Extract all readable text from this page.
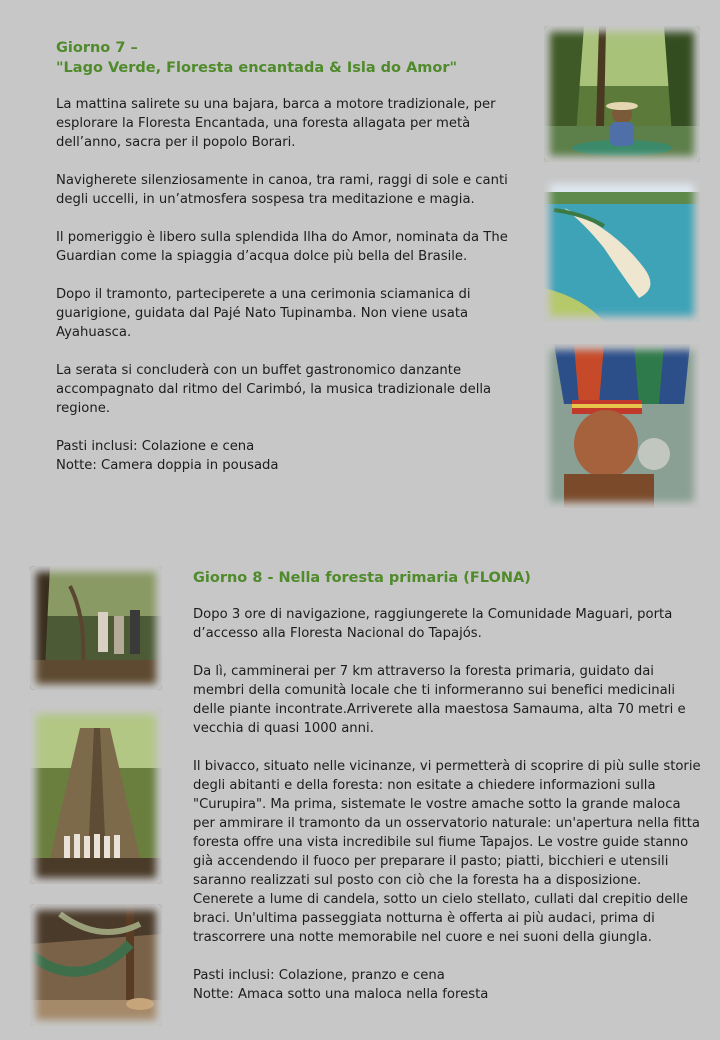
Giorno 7 –
"Lago Verde, Floresta encantada & Isla do Amor"

La mattina salirete su una bajara, barca a motore tradizionale, per esplorare la Floresta Encantada, una foresta allagata per metà dell’anno, sacra per il popolo Borari.

Navigherete silenziosamente in canoa, tra rami, raggi di sole e canti degli uccelli, in un’atmosfera sospesa tra meditazione e magia.

Il pomeriggio è libero sulla splendida Ilha do Amor, nominata da The Guardian come la spiaggia d’acqua dolce più bella del Brasile.

Dopo il tramonto, parteciperete a una cerimonia sciamanica di guarigione, guidata dal Pajé Nato Tupinamba. Non viene usata Ayahuasca.

La serata si concluderà con un buffet gastronomico danzante accompagnato dal ritmo del Carimbó, la musica tradizionale della regione.

Pasti inclusi: Colazione e cena

Notte: Camera doppia in pousada

Giorno 8 - Nella foresta primaria (FLONA)

Dopo 3 ore di navigazione, raggiungerete la Comunidade Maguari, porta d’accesso alla Floresta Nacional do Tapajós.

Da lì, camminerai per 7 km attraverso la foresta primaria, guidato dai membri della comunità locale che ti informeranno sui benefici medicinali delle piante incontrate.Arriverete alla maestosa Samauma, alta 70 metri e vecchia di quasi 1000 anni.

Il bivacco, situato nelle vicinanze, vi permetterà di scoprire di più sulle storie degli abitanti e della foresta: non esitate a chiedere informazioni sulla "Curupira". Ma prima, sistemate le vostre amache sotto la grande maloca per ammirare il tramonto da un osservatorio naturale: un'apertura nella fitta foresta offre una vista incredibile sul fiume Tapajos. Le vostre guide stanno già accendendo il fuoco per preparare il pasto; piatti, bicchieri e utensili saranno realizzati sul posto con ciò che la foresta ha a disposizione. Cenerete a lume di candela, sotto un cielo stellato, cullati dal crepitio delle braci. Un'ultima passeggiata notturna è offerta ai più audaci, prima di trascorrere una notte memorabile nel cuore e nei suoni della giungla.

Pasti inclusi: Colazione, pranzo e cena

Notte: Amaca sotto una maloca nella foresta
